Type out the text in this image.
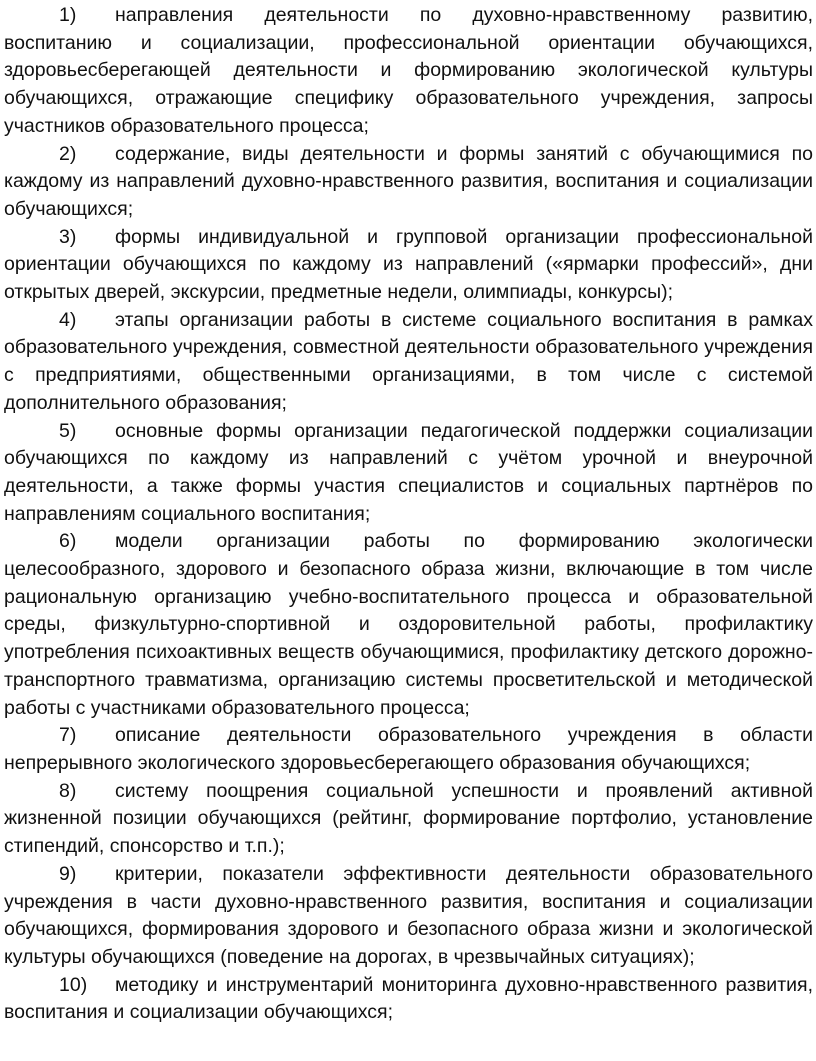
1) направления деятельности по духовно-нравственному развитию, воспитанию и социализации, профессиональной ориентации обучающихся, здоровьесберегающей деятельности и формированию экологической культуры обучающихся, отражающие специфику образовательного учреждения, запросы участников образовательного процесса;

2) содержание, виды деятельности и формы занятий с обучающимися по каждому из направлений духовно-нравственного развития, воспитания и социализации обучающихся;

3) формы индивидуальной и групповой организации профессиональной ориентации обучающихся по каждому из направлений («ярмарки профессий», дни открытых дверей, экскурсии, предметные недели, олимпиады, конкурсы);

4) этапы организации работы в системе социального воспитания в рамках образовательного учреждения, совместной деятельности образовательного учреждения с предприятиями, общественными организациями, в том числе с системой дополнительного образования;

5) основные формы организации педагогической поддержки социализации обучающихся по каждому из направлений с учётом урочной и внеурочной деятельности, а также формы участия специалистов и социальных партнёров по направлениям социального воспитания;

6) модели организации работы по формированию экологически целесообразного, здорового и безопасного образа жизни, включающие в том числе рациональную организацию учебно-воспитательного процесса и образовательной среды, физкультурно-спортивной и оздоровительной работы, профилактику употребления психоактивных веществ обучающимися, профилактику детского дорожно-транспортного травматизма, организацию системы просветительской и методической работы с участниками образовательного процесса;

7) описание деятельности образовательного учреждения в области непрерывного экологического здоровьесберегающего образования обучающихся;

8) систему поощрения социальной успешности и проявлений активной жизненной позиции обучающихся (рейтинг, формирование портфолио, установление стипендий, спонсорство и т.п.);

9) критерии, показатели эффективности деятельности образовательного учреждения в части духовно-нравственного развития, воспитания и социализации обучающихся, формирования здорового и безопасного образа жизни и экологической культуры обучающихся (поведение на дорогах, в чрезвычайных ситуациях);

10) методику и инструментарий мониторинга духовно-нравственного развития, воспитания и социализации обучающихся;
